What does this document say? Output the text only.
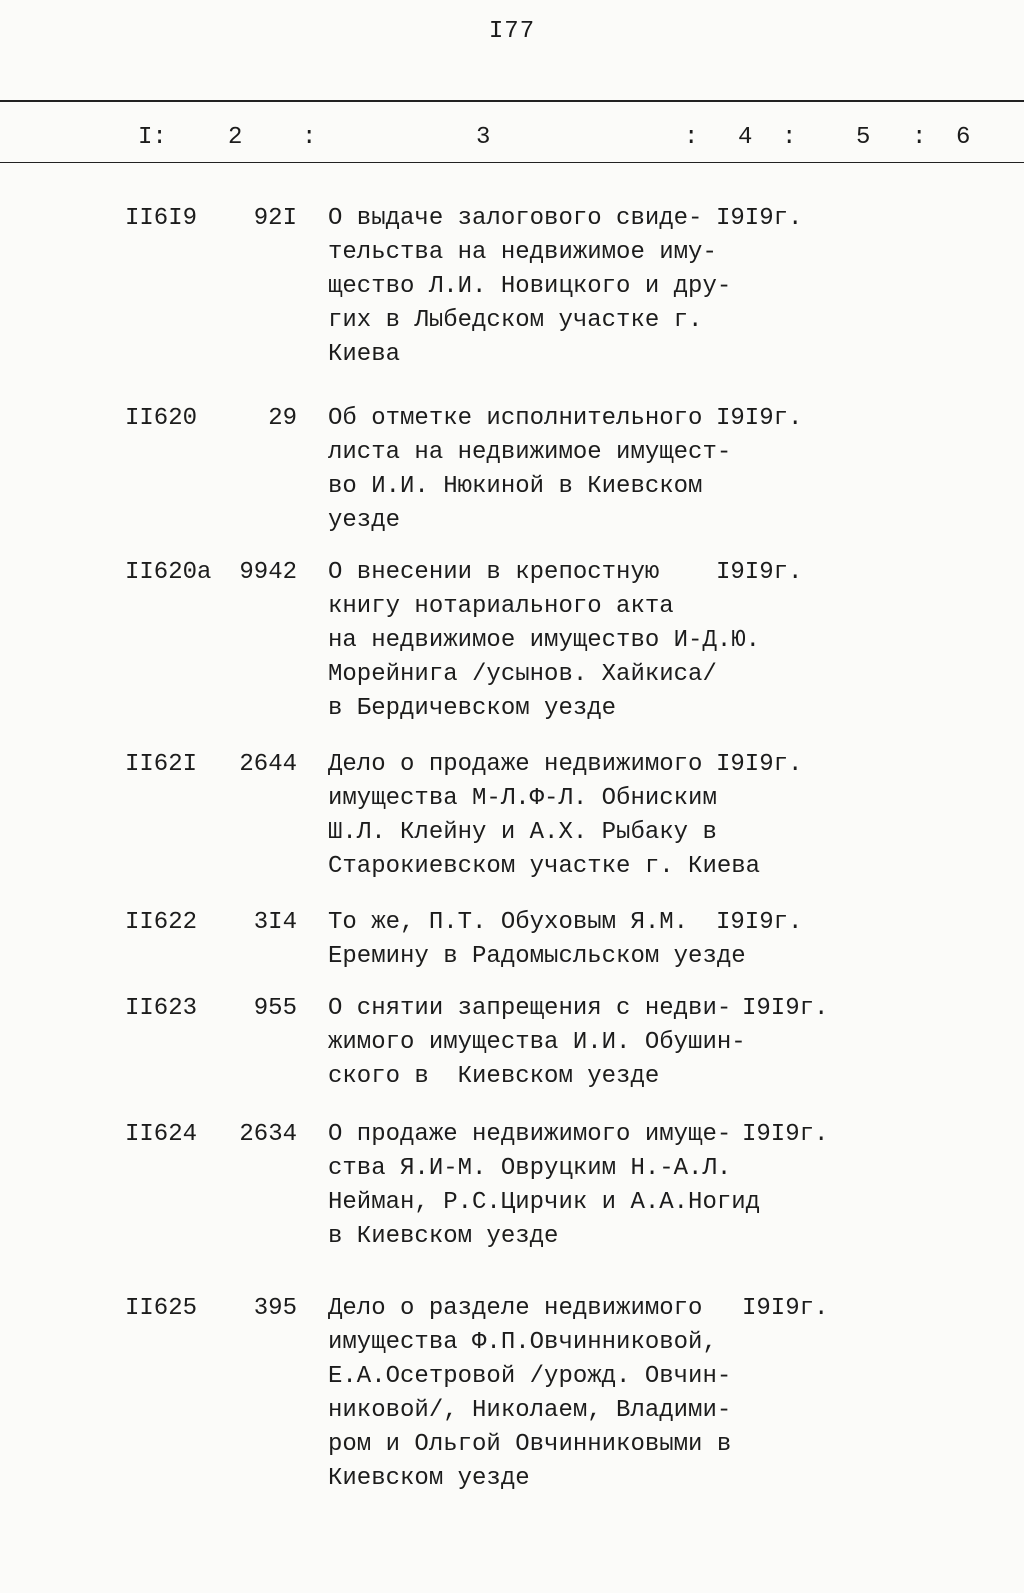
I77
I:	2 :	3	: 4 : 5 : 6
II6I9 92I О выдаче залогового свиде-
тельства на недвижимое иму-
щество Л.И. Новицкого и дру-
гих в Лыбедском участке г.
Киева
I9I9г.
II620	29 Об отметке исполнительного
листа на недвижимое имущест-
во И.И. Нюкиной в Киевском
уезде
I9I9г.
II620а 9942 О внесении в крепостную
книгу нотариального акта
на недвижимое имущество И-Д.Ю.
Морейнига /усынов. Хайкиса/
в Бердичевском уезде
I9I9г.
II62I 2644 Дело о продаже недвижимого
имущества М-Л.Ф-Л. Обниским
Ш.Л. Клейну и А.Х. Рыбаку в
Старокиевском участке г. Киева
I9I9г.
II622 3I4 То же, П.Т. Обуховым Я.М.
Еремину в Радомысльском уезде
I9I9г.
II623 955 О снятии запрещения с недви-
жимого имущества И.И. Обушин-
ского в  Киевском уезде
I9I9г.
II624 2634 О продаже недвижимого имуще-
ства Я.И-М. Овруцким Н.-А.Л.
Нейман, Р.С.Цирчик и А.А.Ногид
в Киевском уезде
I9I9г.
II625 395 Дело о разделе недвижимого
имущества Ф.П.Овчинниковой,
Е.А.Осетровой /урожд. Овчин-
никовой/, Николаем, Владими-
ром и Ольгой Овчинниковыми в
Киевском уезде
I9I9г.
